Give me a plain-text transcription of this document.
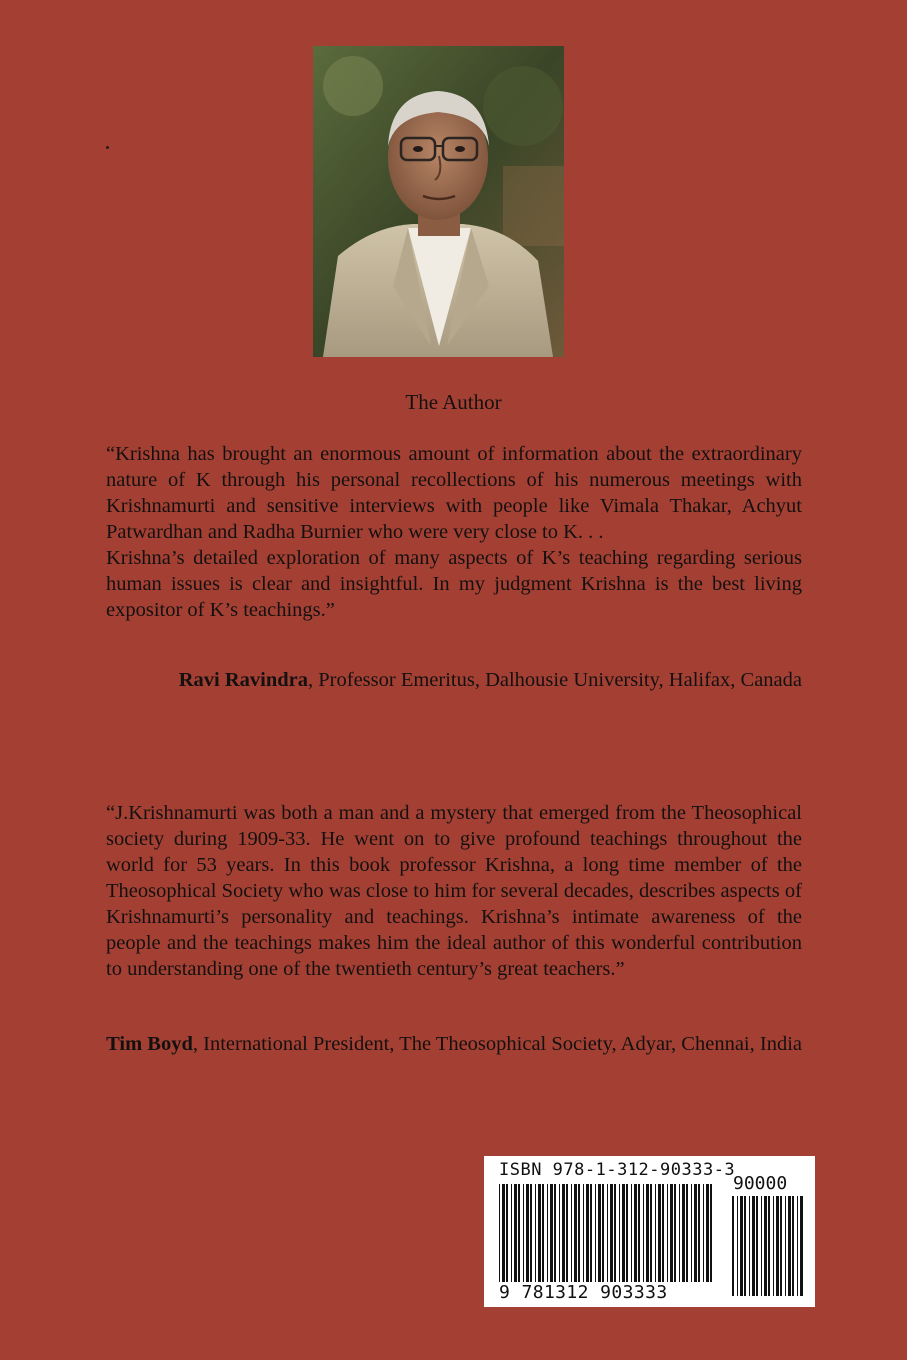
The Author

“Krishna has brought an enormous amount of information about the extraordinary nature of K through his personal recollections of his numerous meetings with Krishnamurti and sensitive interviews with people like Vimala Thakar, Achyut Patwardhan and Radha Burnier who were very close to K. . .

Krishna’s detailed exploration of many aspects of K’s teaching regarding serious human issues is clear and insightful. In my judgment Krishna is the best living expositor of K’s teachings.”

Ravi Ravindra, Professor Emeritus, Dalhousie University, Halifax, Canada

“J.Krishnamurti was both a man and a mystery that emerged from the Theosophical society during 1909-33. He went on to give profound teachings throughout the world for 53 years. In this book professor Krishna, a long time member of the Theosophical Society who was close to him for several decades, describes aspects of Krishnamurti’s personality and teachings. Krishna’s intimate awareness of the people and the teachings makes him the ideal author of this wonderful contribution to understanding one of the twentieth century’s great teachers.”

Tim Boyd, International President, The Theosophical Society, Adyar, Chennai, India
ISBN 978-1-312-90333-3
90000
9 781312 903333
